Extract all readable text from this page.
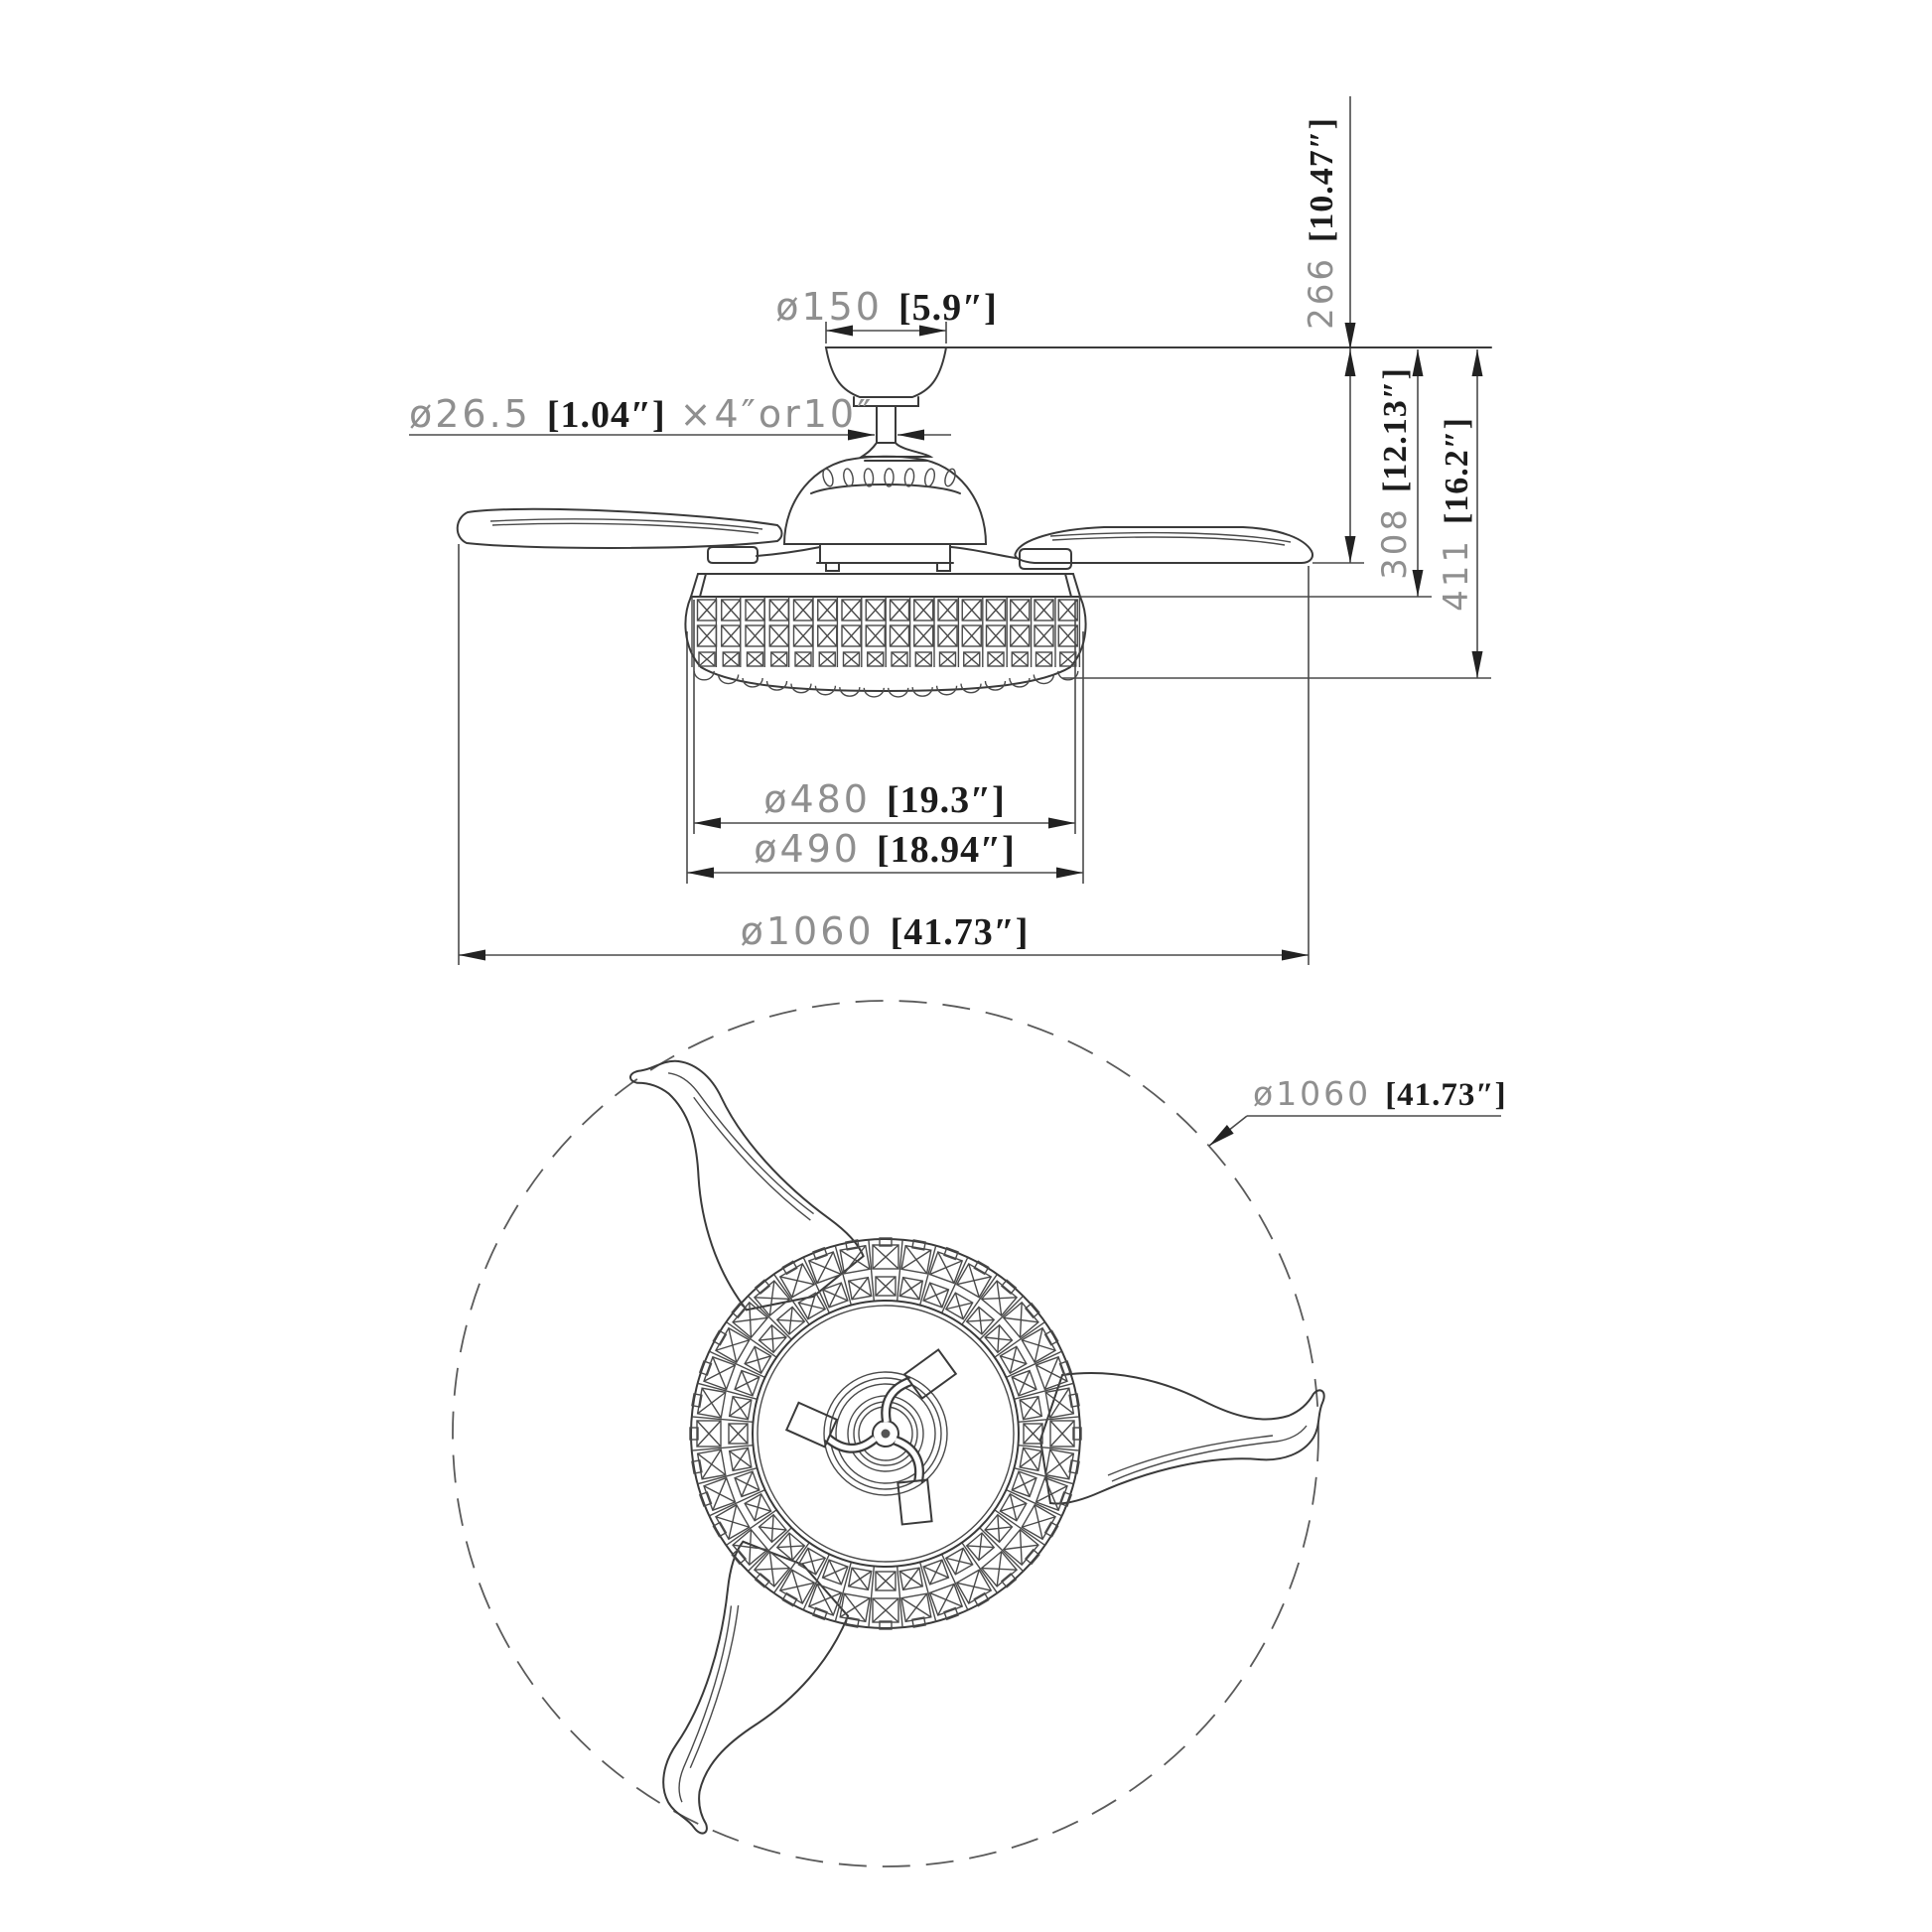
ø150 [5.9″]
ø26.5 [1.04″] ×4″or10″
266[10.47″]
308[12.13″]
411[16.2″]
ø480 [19.3″]
ø490 [18.94″]
ø1060 [41.73″]
ø1060 [41.73″]
